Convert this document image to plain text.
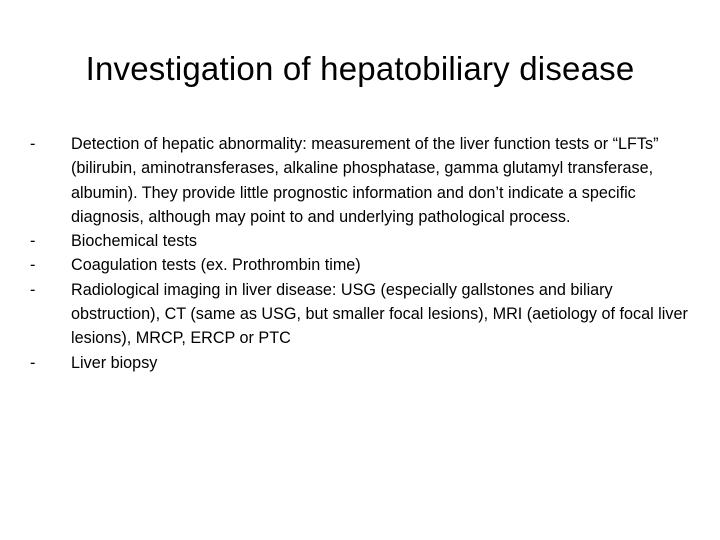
Investigation of hepatobiliary disease
-	Detection of hepatic abnormality: measurement of the liver function tests or “LFTs” (bilirubin, aminotransferases, alkaline phosphatase, gamma glutamyl transferase, albumin). They provide little prognostic information and don’t indicate a specific diagnosis, although may point to and underlying pathological process.
-	Biochemical tests
-	Coagulation tests (ex. Prothrombin time)
-	Radiological imaging in liver disease: USG (especially gallstones and biliary obstruction), CT (same as USG, but smaller focal lesions), MRI (aetiology of focal liver lesions), MRCP, ERCP or PTC
-	Liver biopsy
